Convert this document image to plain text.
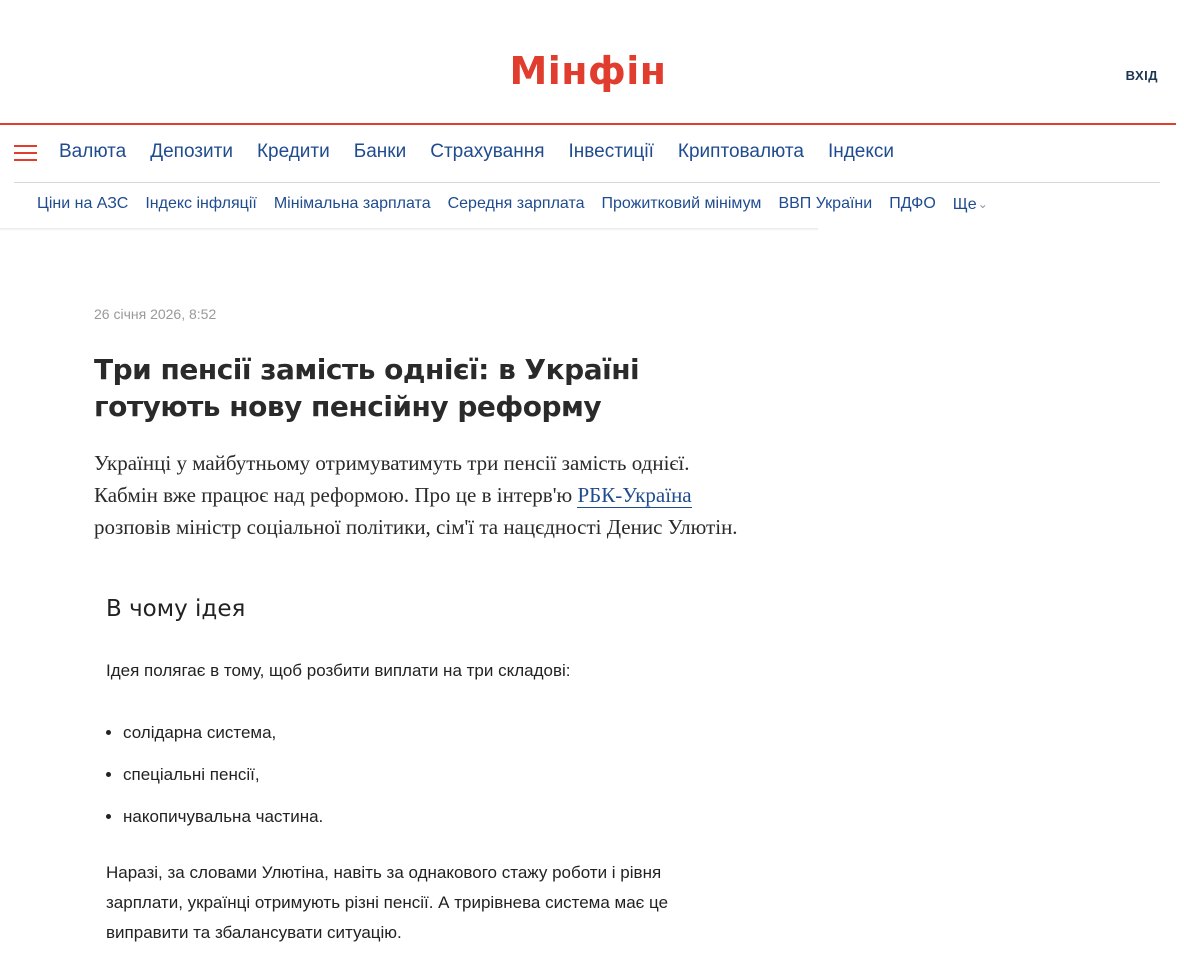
Мінфін	ВХІД
Валюта Депозити Кредити Банки Страхування Інвестиції Криптовалюта Індекси
Ціни на АЗС Індекс інфляції Мінімальна зарплата Середня зарплата Прожитковий мінімум ВВП України ПДФО Ще⌄
26 січня 2026, 8:52
Три пенсії замість однієї: в Україні готують нову пенсійну реформу

Українці у майбутньому отримуватимуть три пенсії замість однієї. Кабмін вже працює над реформою. Про це в інтерв'ю РБК-Україна розповів міністр соціальної політики, сім'ї та нацєдності Денис Улютін.

В чому ідея

Ідея полягає в тому, щоб розбити виплати на три складові:

• солідарна система,
• спеціальні пенсії,
• накопичувальна частина.

Наразі, за словами Улютіна, навіть за однакового стажу роботи і рівня зарплати, українці отримують різні пенсії. А трирівнева система має це виправити та збалансувати ситуацію.
